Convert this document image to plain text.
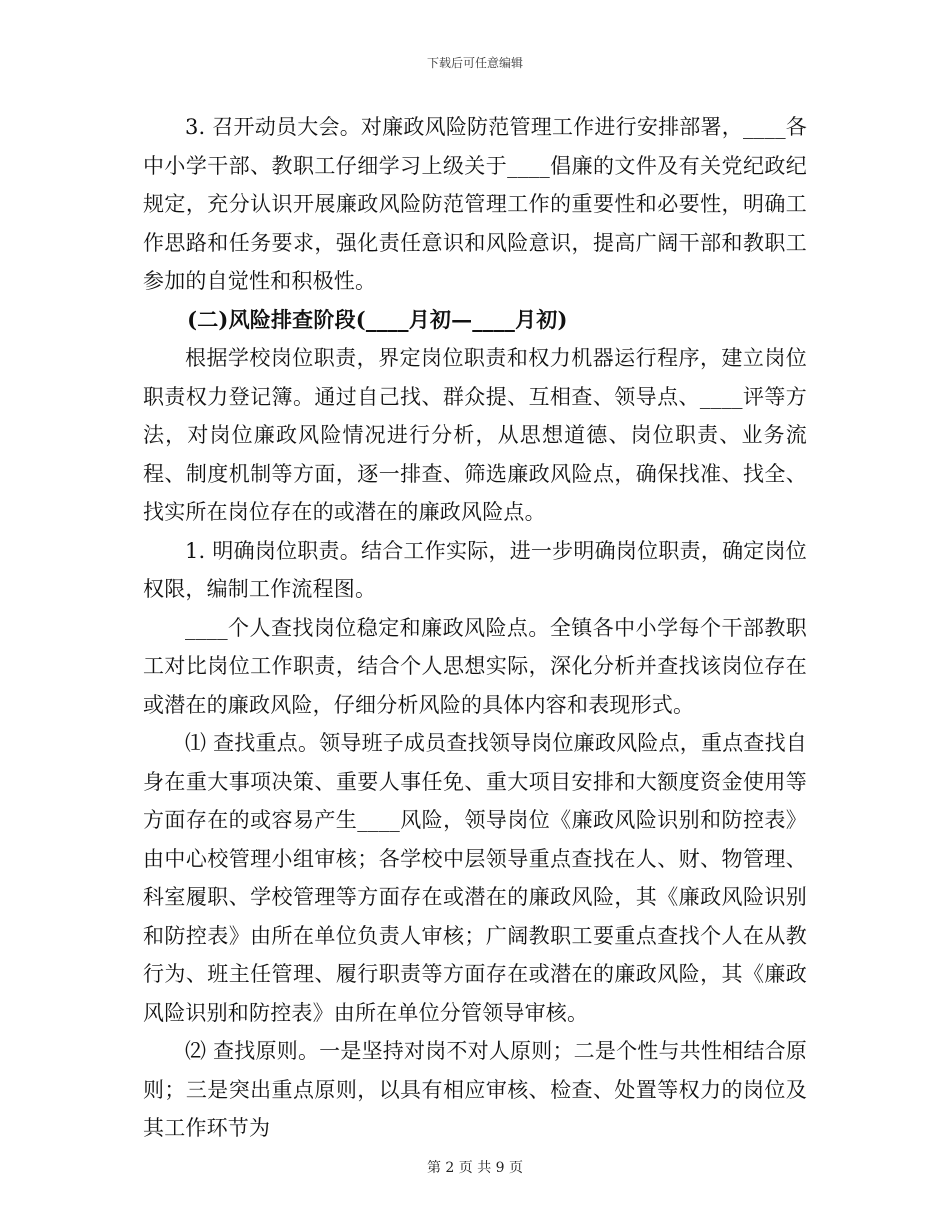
下载后可任意编辑

3. 召开动员大会。对廉政风险防范管理工作进行安排部署，____各中小学干部、教职工仔细学习上级关于____倡廉的文件及有关党纪政纪规定，充分认识开展廉政风险防范管理工作的重要性和必要性，明确工作思路和任务要求，强化责任意识和风险意识，提高广阔干部和教职工参加的自觉性和积极性。

(二)风险排查阶段(____月初—____月初)

根据学校岗位职责，界定岗位职责和权力机器运行程序，建立岗位职责权力登记簿。通过自己找、群众提、互相查、领导点、____评等方法，对岗位廉政风险情况进行分析，从思想道德、岗位职责、业务流程、制度机制等方面，逐一排查、筛选廉政风险点，确保找准、找全、找实所在岗位存在的或潜在的廉政风险点。

1. 明确岗位职责。结合工作实际，进一步明确岗位职责，确定岗位权限，编制工作流程图。

____个人查找岗位稳定和廉政风险点。全镇各中小学每个干部教职工对比岗位工作职责，结合个人思想实际，深化分析并查找该岗位存在或潜在的廉政风险，仔细分析风险的具体内容和表现形式。

⑴ 查找重点。领导班子成员查找领导岗位廉政风险点，重点查找自身在重大事项决策、重要人事任免、重大项目安排和大额度资金使用等方面存在的或容易产生____风险，领导岗位《廉政风险识别和防控表》由中心校管理小组审核；各学校中层领导重点查找在人、财、物管理、科室履职、学校管理等方面存在或潜在的廉政风险，其《廉政风险识别和防控表》由所在单位负责人审核；广阔教职工要重点查找个人在从教行为、班主任管理、履行职责等方面存在或潜在的廉政风险，其《廉政风险识别和防控表》由所在单位分管领导审核。

⑵ 查找原则。一是坚持对岗不对人原则；二是个性与共性相结合原则；三是突出重点原则，以具有相应审核、检查、处置等权力的岗位及其工作环节为

第 2 页 共 9 页
